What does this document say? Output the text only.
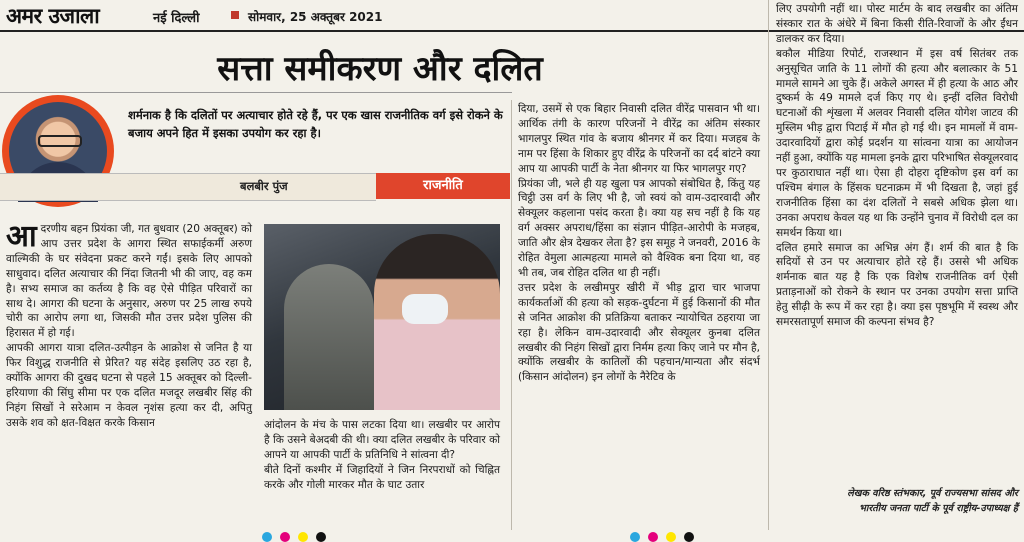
अमर उजाला	नई दिल्ली	सोमवार, 25 अक्तूबर 2021
सत्ता समीकरण और दलित
शर्मनाक है कि दलितों पर अत्याचार होते रहे हैं, पर एक खास राजनीतिक वर्ग इसे रोकने के बजाय अपने हित में इसका उपयोग कर रहा है।
बलबीर पुंज	राजनीति

आदरणीय बहन प्रियंका जी, गत बुधवार (20 अक्तूबर) को आप उत्तर प्रदेश के आगरा स्थित सफाईकर्मी अरुण वाल्मिकी के घर संवेदना प्रकट करने गईं। इसके लिए आपको साधुवाद। दलित अत्याचार की निंदा जितनी भी की जाए, वह कम है। सभ्य समाज का कर्तव्य है कि वह ऐसे पीड़ित परिवारों का साथ दे। आगरा की घटना के अनुसार, अरुण पर 25 लाख रुपये चोरी का आरोप लगा था, जिसकी मौत उत्तर प्रदेश पुलिस की हिरासत में हो गई।

आपकी आगरा यात्रा दलित-उत्पीड़न के आक्रोश से जनित है या फिर विशुद्ध राजनीति से प्रेरित? यह संदेह इसलिए उठ रहा है, क्योंकि आगरा की दुखद घटना से पहले 15 अक्तूबर को दिल्ली-हरियाणा की सिंघु सीमा पर एक दलित मजदूर लखबीर सिंह की निहंग सिखों ने सरेआम न केवल नृशंस हत्या कर दी, अपितु उसके शव को क्षत-विक्षत करके किसान	आंदोलन के मंच के पास लटका दिया था। लखबीर पर आरोप है कि उसने बेअदबी की थी। क्या दलित लखबीर के परिवार को आपने या आपकी पार्टी के प्रतिनिधि ने सांत्वना दी?

बीते दिनों कश्मीर में जिहादियों ने जिन निरपराधों को चिह्नित करके और गोली मारकर मौत के घाट उतार

दिया, उसमें से एक बिहार निवासी दलित वीरेंद्र पासवान भी था। आर्थिक तंगी के कारण परिजनों ने वीरेंद्र का अंतिम संस्कार भागलपुर स्थित गांव के बजाय श्रीनगर में कर दिया। मजहब के नाम पर हिंसा के शिकार हुए वीरेंद्र के परिजनों का दर्द बांटने क्या आप या आपकी पार्टी के नेता श्रीनगर या फिर भागलपुर गए?

प्रियंका जी, भले ही यह खुला पत्र आपको संबोधित है, किंतु यह चिट्ठी उस वर्ग के लिए भी है, जो स्वयं को वाम-उदारवादी और सेक्यूलर कहलाना पसंद करता है। क्या यह सच नहीं है कि यह वर्ग अक्सर अपराध/हिंसा का संज्ञान पीड़ित-आरोपी के मजहब, जाति और क्षेत्र देखकर लेता है? इस समूह ने जनवरी, 2016 के रोहित वेमुला आत्महत्या मामले को वैश्विक बना दिया था, वह भी तब, जब रोहित दलित था ही नहीं।

उत्तर प्रदेश के लखीमपुर खीरी में भीड़ द्वारा चार भाजपा कार्यकर्ताओं की हत्या को सड़क-दुर्घटना में हुई किसानों की मौत से जनित आक्रोश की प्रतिक्रिया बताकर न्यायोचित ठहराया जा रहा है। लेकिन वाम-उदारवादी और सेक्यूलर कुनबा दलित लखबीर की निहंग सिखों द्वारा निर्मम हत्या किए जाने पर मौन है, क्योंकि लखबीर के कातिलों की पहचान/मान्यता और संदर्भ (किसान आंदोलन) इन लोगों के नैरेटिव के

लिए उपयोगी नहीं था। पोस्ट मार्टम के बाद लखबीर का अंतिम संस्कार रात के अंधेरे में बिना किसी रीति-रिवाजों के और ईंधन डालकर कर दिया।

बकौल मीडिया रिपोर्ट, राजस्थान में इस वर्ष सितंबर तक अनुसूचित जाति के 11 लोगों की हत्या और बलात्कार के 51 मामले सामने आ चुके हैं। अकेले अगस्त में ही हत्या के आठ और दुष्कर्म के 49 मामले दर्ज किए गए थे। इन्हीं दलित विरोधी घटनाओं की शृंखला में अलवर निवासी दलित योगेश जाटव की मुस्लिम भीड़ द्वारा पिटाई में मौत हो गई थी। इन मामलों में वाम-उदारवादियों द्वारा कोई प्रदर्शन या सांत्वना यात्रा का आयोजन नहीं हुआ, क्योंकि यह मामला इनके द्वारा परिभाषित सेक्यूलरवाद पर कुठाराघात नहीं था। ऐसा ही दोहरा दृष्टिकोण इस वर्ग का पश्चिम बंगाल के हिंसक घटनाक्रम में भी दिखता है, जहां हुई राजनीतिक हिंसा का दंश दलितों ने सबसे अधिक झेला था। उनका अपराध केवल यह था कि उन्होंने चुनाव में विरोधी दल का समर्थन किया था।

दलित हमारे समाज का अभिन्न अंग हैं। शर्म की बात है कि सदियों से उन पर अत्याचार होते रहे हैं। उससे भी अधिक शर्मनाक बात यह है कि एक विशेष राजनीतिक वर्ग ऐसी प्रताड़नाओं को रोकने के स्थान पर उनका उपयोग सत्ता प्राप्ति हेतु सीढ़ी के रूप में कर रहा है। क्या इस पृष्ठभूमि में स्वस्थ और समरसतापूर्ण समाज की कल्पना संभव है?

लेखक वरिष्ठ स्तंभकार, पूर्व राज्यसभा सांसद और
भारतीय जनता पार्टी के पूर्व राष्ट्रीय-उपाध्यक्ष हैं
